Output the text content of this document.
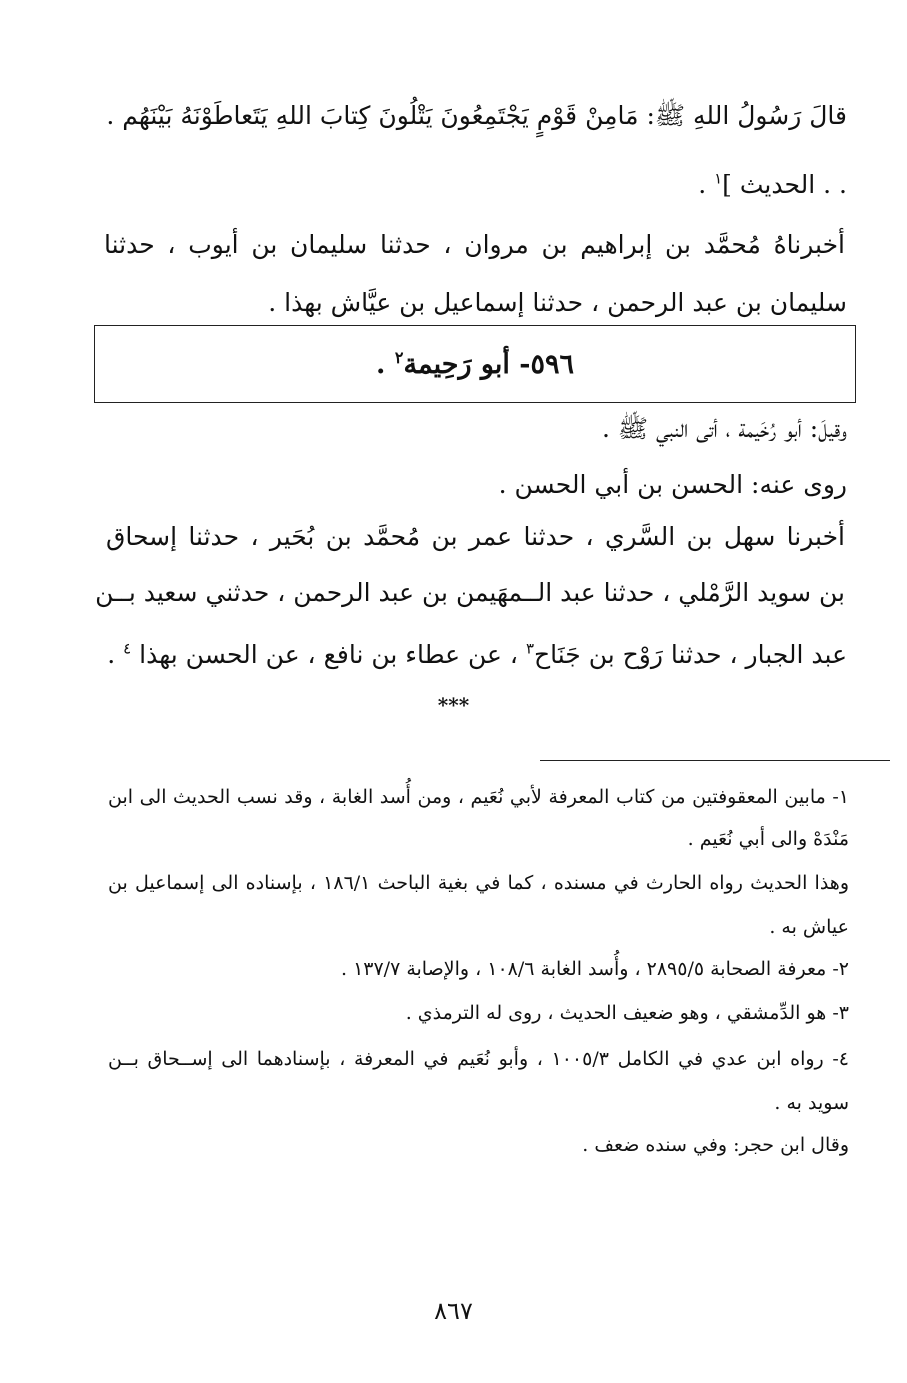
قالَ رَسُولُ اللهِ ﷺ: مَامِنْ قَوْمٍ يَجْتَمِعُونَ يَتْلُونَ كِتابَ اللهِ يَتَعاطَوْنَهُ بَيْنَهُم .
. . الحديث ]$^١$ .
أخبرناهُ مُحمَّد بن إبراهيم بن مروان ، حدثنا سليمان بن أيوب ، حدثنا
سليمان بن عبد الرحمن ، حدثنا إسماعيل بن عيَّاش بهذا .
٥٩٦- أبو رَحِيمة$^٢$ .
وقيلَ: أبو رُخَيمة ، أتى النبي ﷺ .
روى عنه: الحسن بن أبي الحسن .
أخبرنا سهل بن السَّري ، حدثنا عمر بن مُحمَّد بن بُحَير ، حدثنا إسحاق
بن سويد الرَّمْلي ، حدثنا عبد الــمهَيمن بن عبد الرحمن ، حدثني سعيد بــن
عبد الجبار ، حدثنا رَوْح بن جَنَاح$^٣$ ، عن عطاء بن نافع ، عن الحسن بهذا $^٤$ .
***
١- مابين المعقوفتين من كتاب المعرفة لأبي نُعَيم ، ومن أُسد الغابة ، وقد نسب الحديث الى ابن
مَنْدَهْ والى أبي نُعَيم .
وهذا الحديث رواه الحارث في مسنده ، كما في بغية الباحث ١٨٦/١ ، بإسناده الى إسماعيل بن
عياش به .
٢- معرفة الصحابة ٢٨٩٥/٥ ، وأُسد الغابة ١٠٨/٦ ، والإصابة ١٣٧/٧ .
٣- هو الدِّمشقي ، وهو ضعيف الحديث ، روى له الترمذي .
٤- رواه ابن عدي في الكامل ١٠٠٥/٣ ، وأبو نُعَيم في المعرفة ، بإسنادهما الى إســحاق بــن
سويد به .
وقال ابن حجر: وفي سنده ضعف .
٨٦٧
